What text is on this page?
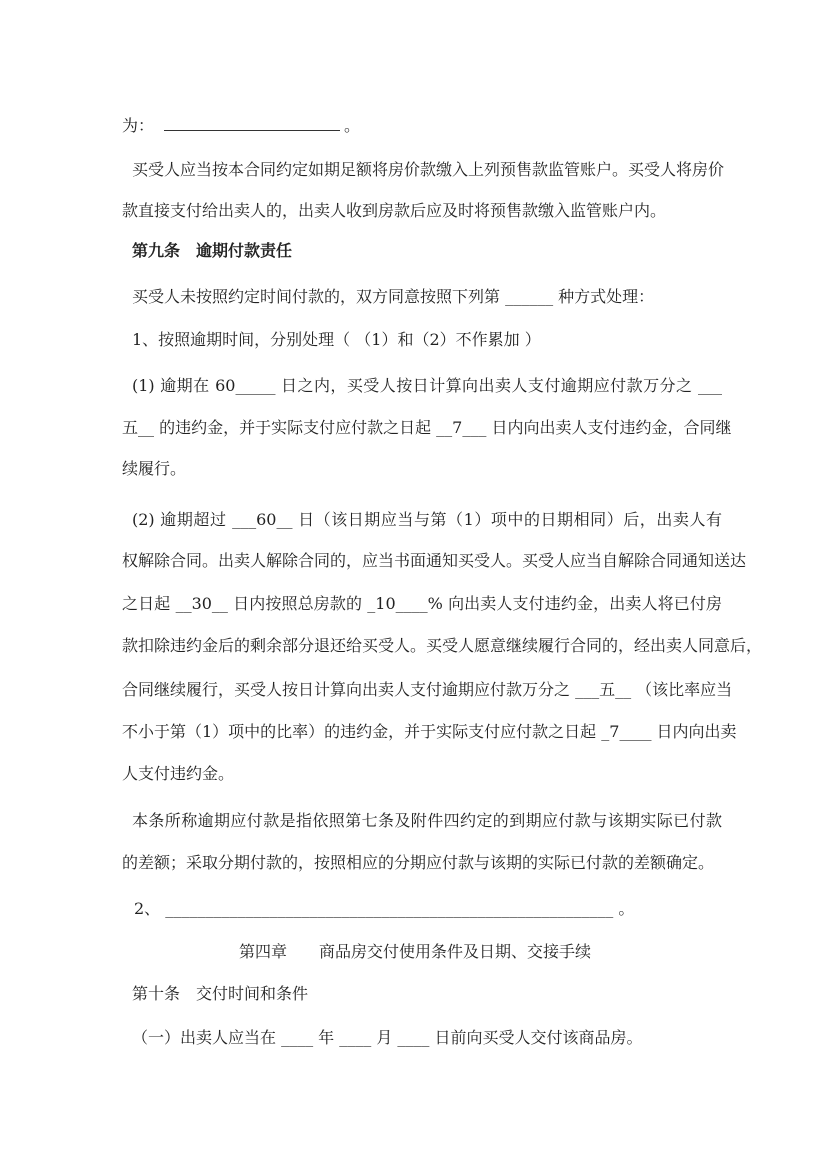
为：	。
买受人应当按本合同约定如期足额将房价款缴入上列预售款监管账户。买受人将房价
款直接支付给出卖人的，出卖人收到房款后应及时将预售款缴入监管账户内。
第九条　逾期付款责任
买受人未按照约定时间付款的，双方同意按照下列第 ______ 种方式处理：
1、按照逾期时间，分别处理（ （1）和（2）不作累加 ）
(1) 逾期在 60_____ 日之内，买受人按日计算向出卖人支付逾期应付款万分之 ___
五__ 的违约金，并于实际支付应付款之日起 __7___ 日内向出卖人支付违约金，合同继
续履行。
(2) 逾期超过 ___60__ 日（该日期应当与第（1）项中的日期相同）后，出卖人有
权解除合同。出卖人解除合同的，应当书面通知买受人。买受人应当自解除合同通知送达
之日起 __30__ 日内按照总房款的 _10____% 向出卖人支付违约金，出卖人将已付房
款扣除违约金后的剩余部分退还给买受人。买受人愿意继续履行合同的，经出卖人同意后，
合同继续履行，买受人按日计算向出卖人支付逾期应付款万分之 ___五__ （该比率应当
不小于第（1）项中的比率）的违约金，并于实际支付应付款之日起 _7____ 日内向出卖
人支付违约金。
本条所称逾期应付款是指依照第七条及附件四约定的到期应付款与该期实际已付款
的差额；采取分期付款的，按照相应的分期应付款与该期的实际已付款的差额确定。
2、 ________________________________________________________ 。
第四章　　商品房交付使用条件及日期、交接手续
第十条　交付时间和条件
（一）出卖人应当在 ____ 年 ____ 月 ____ 日前向买受人交付该商品房。
